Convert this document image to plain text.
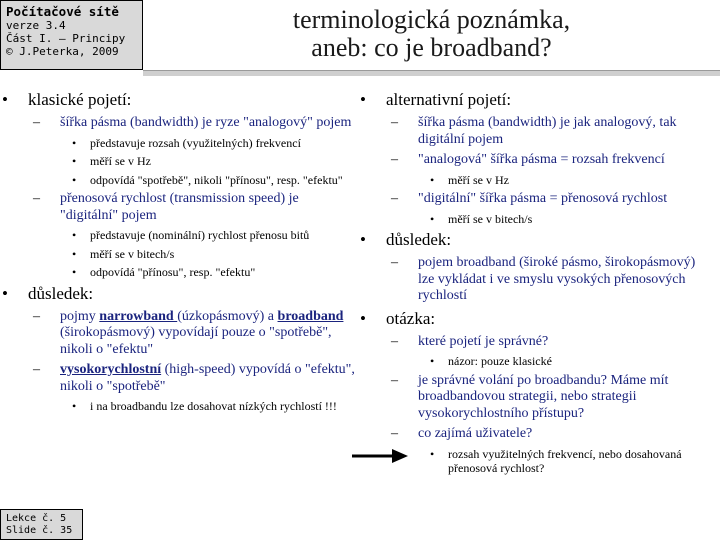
Počítačové sítě
verze 3.4
Část I. – Principy
© J.Peterka, 2009
terminologická poznámka,
aneb: co je broadband?
• klasické pojetí:
– šířka pásma (bandwidth) je ryze "analogový" pojem
• představuje rozsah (využitelných) frekvencí
• měří se v Hz
• odpovídá "spotřebě", nikoli "přínosu", resp. "efektu"
– přenosová rychlost (transmission speed) je "digitální" pojem
• představuje (nominální) rychlost přenosu bitů
• měří se v bitech/s
• odpovídá "přínosu", resp. "efektu"
• důsledek:
– pojmy narrowband (úzkopásmový) a broadband (širokopásmový) vypovídají pouze o "spotřebě", nikoli o "efektu"
– vysokorychlostní (high-speed) vypovídá o "efektu", nikoli o "spotřebě"
• i na broadbandu lze dosahovat nízkých rychlostí !!!
• alternativní pojetí:
– šířka pásma (bandwidth) je jak analogový, tak digitální pojem
– "analogová" šířka pásma = rozsah frekvencí
• měří se v Hz
– "digitální" šířka pásma = přenosová rychlost
• měří se v bitech/s
• důsledek:
– pojem broadband (široké pásmo, širokopásmový) lze vykládat i ve smyslu vysokých přenosových rychlostí
• otázka:
– které pojetí je správné?
• názor: pouze klasické
– je správné volání po broadbandu? Máme mít broadbandovou strategii, nebo strategii vysokorychlostního přístupu?
– co zajímá uživatele?
• rozsah využitelných frekvencí, nebo dosahovaná přenosová rychlost?
Lekce č. 5
Slide č. 35
